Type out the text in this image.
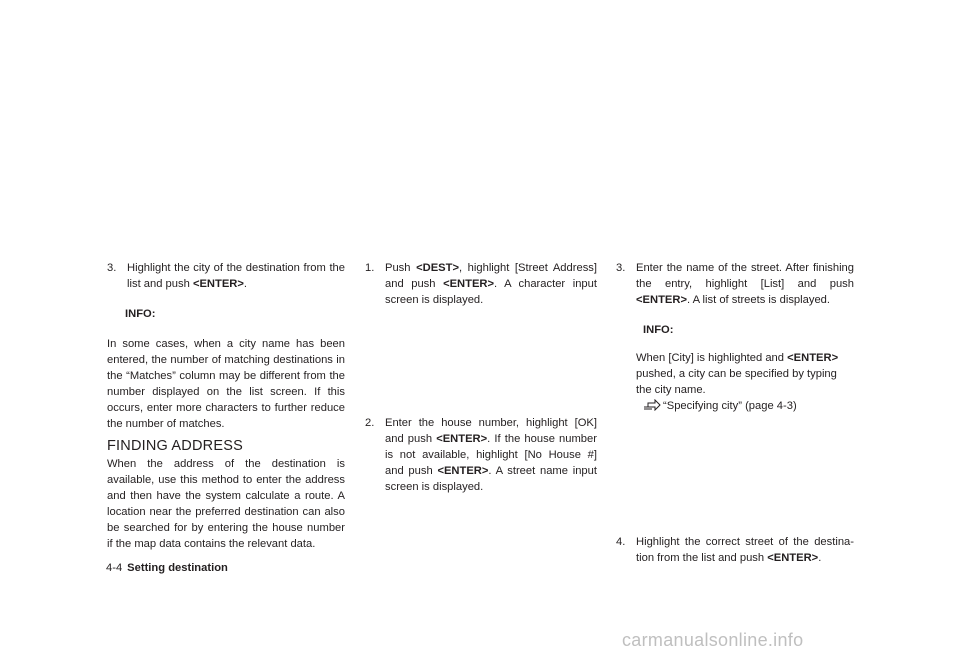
3. Highlight the city of the destination from the list and push <ENTER>.

INFO:

In some cases, when a city name has been entered, the number of matching destinations in the “Matches” column may be different from the number displayed on the list screen. If this occurs, enter more characters to further reduce the number of matches.

FINDING ADDRESS

When the address of the destination is available, use this method to enter the address and then have the system calculate a route. A location near the preferred destination can also be searched for by entering the house number if the map data contains the relevant data.

1. Push <DEST>, highlight [Street Address] and push <ENTER>. A character input screen is displayed.

2. Enter the house number, highlight [OK] and push <ENTER>. If the house number is not available, highlight [No House #] and push <ENTER>. A street name input screen is displayed.

3. Enter the name of the street. After finishing the entry, highlight [List] and push <ENTER>. A list of streets is displayed.

INFO:

When [City] is highlighted and <ENTER> pushed, a city can be specified by typing the city name.

“Specifying city” (page 4-3)

4. Highlight the correct street of the destina-tion from the list and push <ENTER>.

4-4 Setting destination
carmanualsonline.info
